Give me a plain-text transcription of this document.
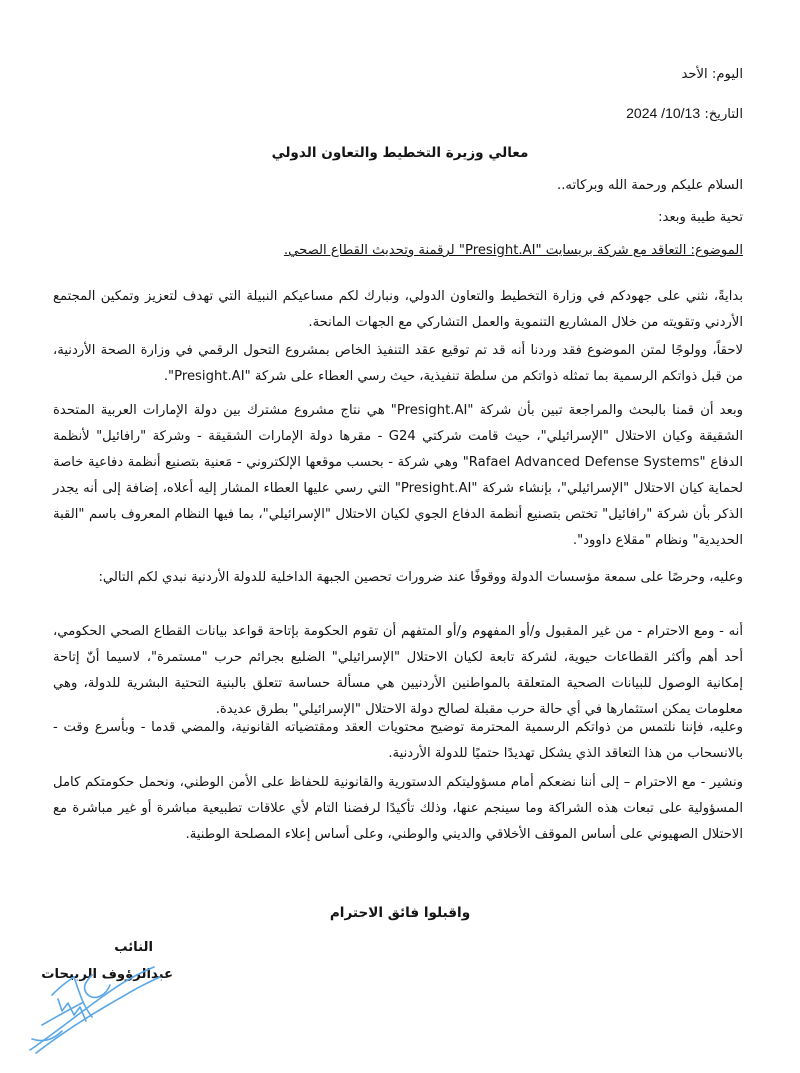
اليوم: الأحد
التاريخ: 2024 /10/13
معالي وزيرة التخطيط والتعاون الدولي
السلام عليكم ورحمة الله وبركاته..
تحية طيبة وبعد:
الموضوع: التعاقد مع شركة بريسايت "Presight.AI" لرقمنة وتحديث القطاع الصحي.

بدايةً، نثني على جهودكم في وزارة التخطيط والتعاون الدولي، ونبارك لكم مساعيكم النبيلة التي تهدف لتعزيز وتمكين المجتمع الأردني وتقويته من خلال المشاريع التنموية والعمل التشاركي مع الجهات المانحة.

لاحقاً، وولوجًا لمتن الموضوع فقد وردنا أنه قد تم توقيع عقد التنفيذ الخاص بمشروع التحول الرقمي في وزارة الصحة الأردنية، من قبل ذواتكم الرسمية بما تمثله ذواتكم من سلطة تنفيذية، حيث رسي العطاء على شركة "Presight.AI".

وبعد أن قمنا بالبحث والمراجعة تبين بأن شركة "Presight.AI" هي نتاج مشروع مشترك بين دولة الإمارات العربية المتحدة الشقيقة وكيان الاحتلال "الإسرائيلي"، حيث قامت شركتي G24 - مقرها دولة الإمارات الشقيقة - وشركة "رافائيل" لأنظمة الدفاع "Rafael Advanced Defense Systems" وهي شركة - بحسب موقعها الإلكتروني - مَعنية بتصنيع أنظمة دفاعية خاصة لحماية كيان الاحتلال "الإسرائيلي"، بإنشاء شركة "Presight.AI" التي رسي عليها العطاء المشار إليه أعلاه، إضافة إلى أنه يجدر الذكر بأن شركة "رافائيل" تختص بتصنيع أنظمة الدفاع الجوي لكيان الاحتلال "الإسرائيلي"، بما فيها النظام المعروف باسم "القبة الحديدية" ونظام "مقلاع داوود".

وعليه، وحرصًا على سمعة مؤسسات الدولة ووقوفًا عند ضرورات تحصين الجبهة الداخلية للدولة الأردنية نبدي لكم التالي:

أنه - ومع الاحترام - من غير المقبول و/أو المفهوم و/أو المتفهم أن تقوم الحكومة بإتاحة قواعد بيانات القطاع الصحي الحكومي، أحد أهم وأكثر القطاعات حيوية، لشركة تابعة لكيان الاحتلال "الإسرائيلي" الضليع بجرائم حرب "مستمرة"، لاسيما أنّ إتاحة إمكانية الوصول للبيانات الصحية المتعلقة بالمواطنين الأردنيين هي مسألة حساسة تتعلق بالبنية التحتية البشرية للدولة، وهي معلومات يمكن استثمارها في أي حالة حرب مقبلة لصالح دولة الاحتلال "الإسرائيلي" بطرق عديدة.

وعليه، فإننا نلتمس من ذواتكم الرسمية المحترمة توضيح محتويات العقد ومقتضياته القانونية، والمضي قدما - وبأسرع وقت - بالانسحاب من هذا التعاقد الذي يشكل تهديدًا حتميًا للدولة الأردنية.

ونشير - مع الاحترام – إلى أننا نضعكم أمام مسؤوليتكم الدستورية والقانونية للحفاظ على الأمن الوطني، ونحمل حكومتكم كامل المسؤولية على تبعات هذه الشراكة وما سينجم عنها، وذلك تأكيدًا لرفضنا التام لأي علاقات تطبيعية مباشرة أو غير مباشرة مع الاحتلال الصهيوني على أساس الموقف الأخلاقي والديني والوطني، وعلى أساس إعلاء المصلحة الوطنية.

واقبلوا فائق الاحترام
النائب
عبدالرؤوف الربيحات
